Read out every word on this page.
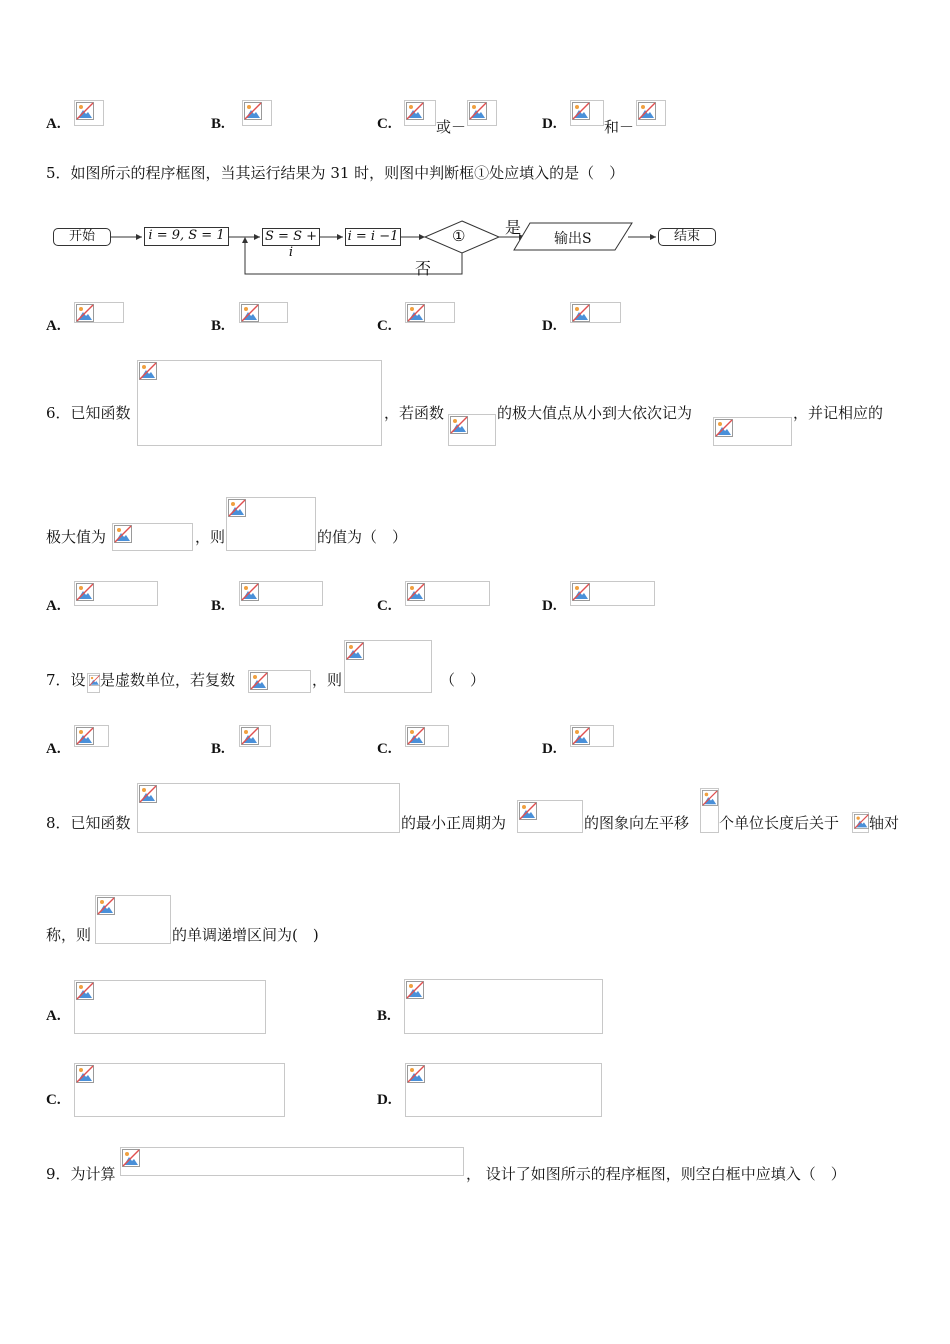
A.	B.	C.	或－	D.	和－
5．如图所示的程序框图，当其运行结果为 31 时，则图中判断框①处应填入的是（　）
开始	i = 9, S = 1	S = S + i
i = i −1	① 是
否
输出S	结束
A.	B.	C.	D.
6．已知函数	，若函数	的极大值点从小到大依次记为	，并记相应的
极大值为	，则	的值为（　）
A.	B.	C.	D.
7．设 是虚数单位，若复数	，则	（　）
A.	B.	C.	D.
8．已知函数	的最小正周期为	的图象向左平移 个单位长度后关于 轴对
称，则	的单调递增区间为(　)
A.	B.
C.	D.
9．为计算	， 设计了如图所示的程序框图，则空白框中应填入（　）
